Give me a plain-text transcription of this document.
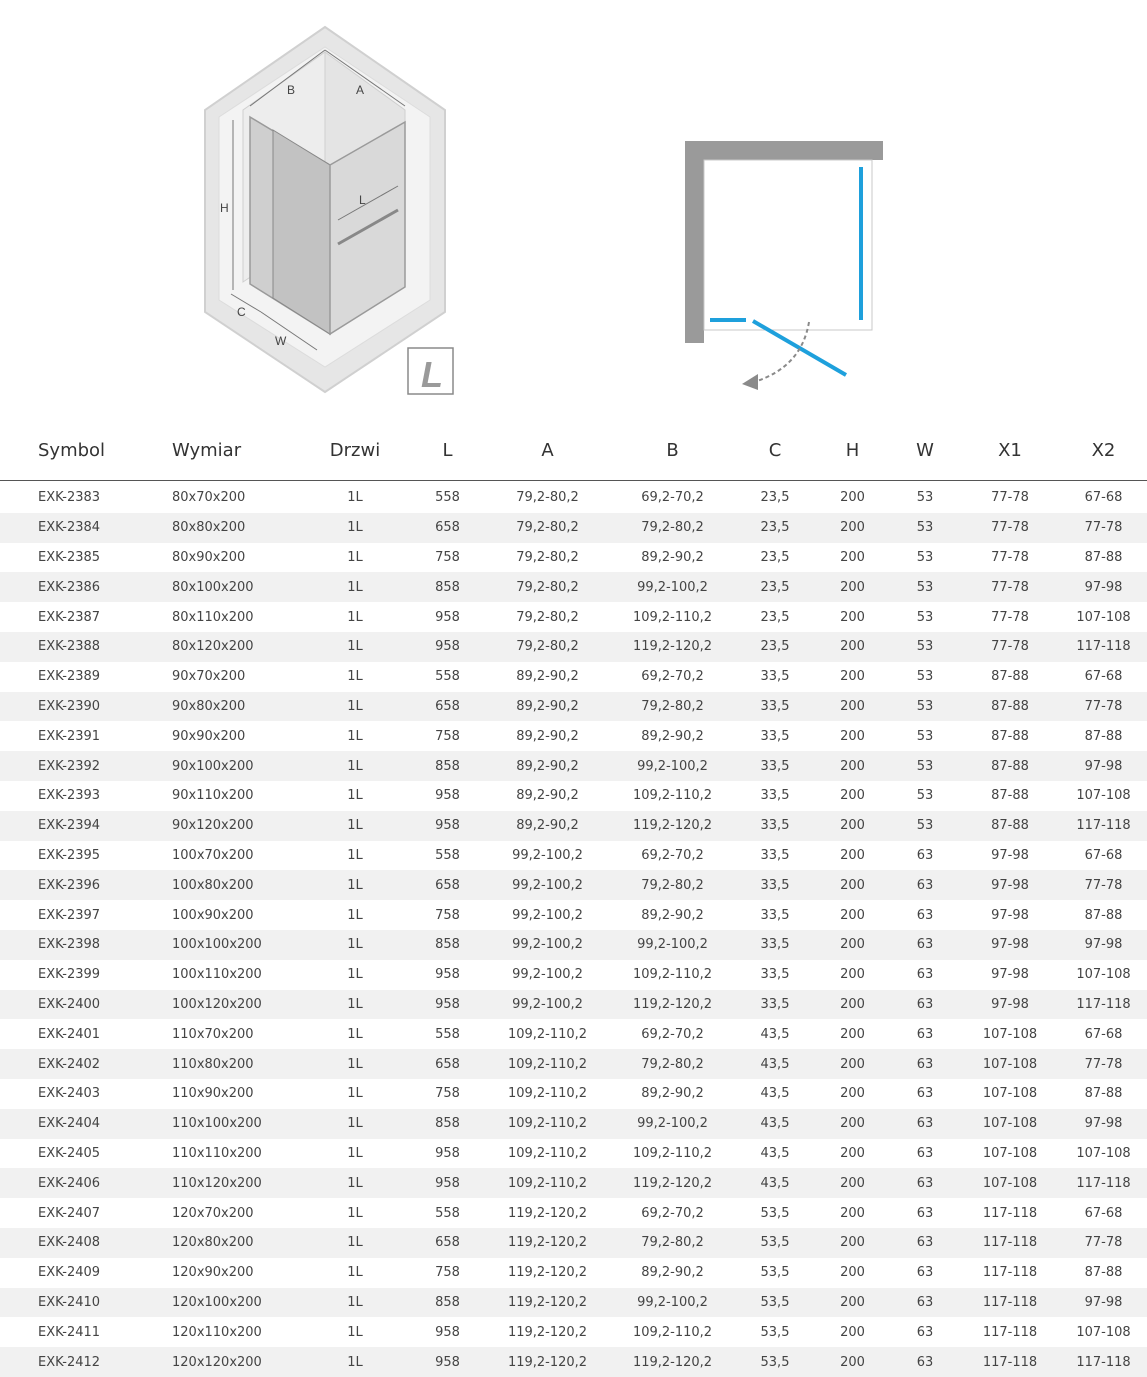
B	A
H
L
C
W
L
Symbol	Wymiar	Drzwi	L	A	B	C	H	W	X1	X2
EXK-2383	80x70x200	1L	558	79,2-80,2	69,2-70,2	23,5	200	53	77-78	67-68
EXK-2384	80x80x200	1L	658	79,2-80,2	79,2-80,2	23,5	200	53	77-78	77-78
EXK-2385	80x90x200	1L	758	79,2-80,2	89,2-90,2	23,5	200	53	77-78	87-88
EXK-2386	80x100x200	1L	858	79,2-80,2	99,2-100,2	23,5	200	53	77-78	97-98
EXK-2387	80x110x200	1L	958	79,2-80,2	109,2-110,2	23,5	200	53	77-78	107-108
EXK-2388	80x120x200	1L	958	79,2-80,2	119,2-120,2	23,5	200	53	77-78	117-118
EXK-2389	90x70x200	1L	558	89,2-90,2	69,2-70,2	33,5	200	53	87-88	67-68
EXK-2390	90x80x200	1L	658	89,2-90,2	79,2-80,2	33,5	200	53	87-88	77-78
EXK-2391	90x90x200	1L	758	89,2-90,2	89,2-90,2	33,5	200	53	87-88	87-88
EXK-2392	90x100x200	1L	858	89,2-90,2	99,2-100,2	33,5	200	53	87-88	97-98
EXK-2393	90x110x200	1L	958	89,2-90,2	109,2-110,2	33,5	200	53	87-88	107-108
EXK-2394	90x120x200	1L	958	89,2-90,2	119,2-120,2	33,5	200	53	87-88	117-118
EXK-2395	100x70x200	1L	558	99,2-100,2	69,2-70,2	33,5	200	63	97-98	67-68
EXK-2396	100x80x200	1L	658	99,2-100,2	79,2-80,2	33,5	200	63	97-98	77-78
EXK-2397	100x90x200	1L	758	99,2-100,2	89,2-90,2	33,5	200	63	97-98	87-88
EXK-2398	100x100x200	1L	858	99,2-100,2	99,2-100,2	33,5	200	63	97-98	97-98
EXK-2399	100x110x200	1L	958	99,2-100,2	109,2-110,2	33,5	200	63	97-98	107-108
EXK-2400	100x120x200	1L	958	99,2-100,2	119,2-120,2	33,5	200	63	97-98	117-118
EXK-2401	110x70x200	1L	558	109,2-110,2	69,2-70,2	43,5	200	63	107-108	67-68
EXK-2402	110x80x200	1L	658	109,2-110,2	79,2-80,2	43,5	200	63	107-108	77-78
EXK-2403	110x90x200	1L	758	109,2-110,2	89,2-90,2	43,5	200	63	107-108	87-88
EXK-2404	110x100x200	1L	858	109,2-110,2	99,2-100,2	43,5	200	63	107-108	97-98
EXK-2405	110x110x200	1L	958	109,2-110,2	109,2-110,2	43,5	200	63	107-108	107-108
EXK-2406	110x120x200	1L	958	109,2-110,2	119,2-120,2	43,5	200	63	107-108	117-118
EXK-2407	120x70x200	1L	558	119,2-120,2	69,2-70,2	53,5	200	63	117-118	67-68
EXK-2408	120x80x200	1L	658	119,2-120,2	79,2-80,2	53,5	200	63	117-118	77-78
EXK-2409	120x90x200	1L	758	119,2-120,2	89,2-90,2	53,5	200	63	117-118	87-88
EXK-2410	120x100x200	1L	858	119,2-120,2	99,2-100,2	53,5	200	63	117-118	97-98
EXK-2411	120x110x200	1L	958	119,2-120,2	109,2-110,2	53,5	200	63	117-118	107-108
EXK-2412	120x120x200	1L	958	119,2-120,2	119,2-120,2	53,5	200	63	117-118	117-118
